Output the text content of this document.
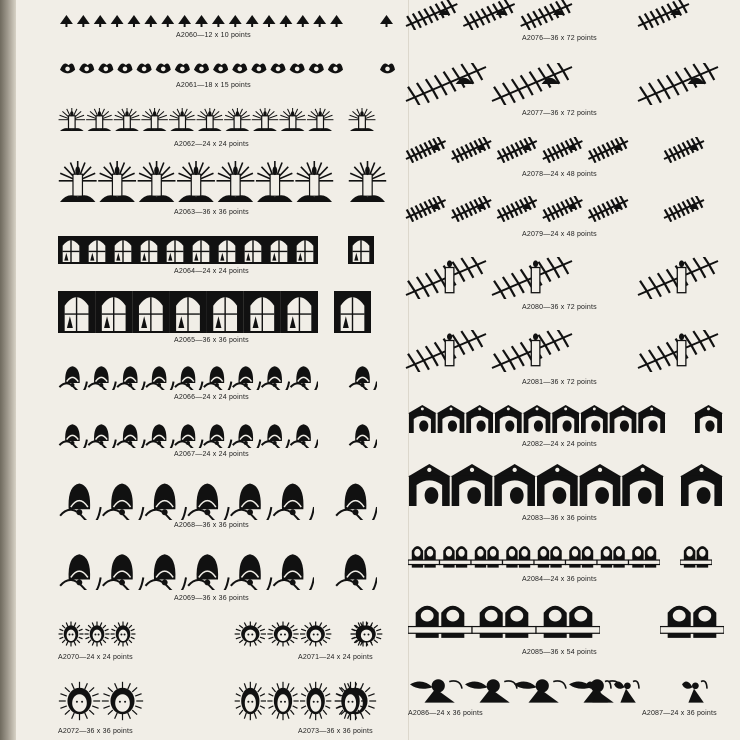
A2060—12 x 10 points
A2061—18 x 15 points
A2062—24 x 24 points
A2063—36 x 36 points
A2064—24 x 24 points
A2065—36 x 36 points
A2066—24 x 24 points
A2067—24 x 24 points
A2068—36 x 36 points
A2069—36 x 36 points
A2070—24 x 24 points	A2071—24 x 24 points
A2072—36 x 36 points	A2073—36 x 36 points
A2076—36 x 72 points
A2077—36 x 72 points
A2078—24 x 48 points
A2079—24 x 48 points
A2080—36 x 72 points
A2081—36 x 72 points
A2082—24 x 24 points
A2083—36 x 36 points
A2084—24 x 36 points
A2085—36 x 54 points
A2086—24 x 36 points	A2087—24 x 36 points
